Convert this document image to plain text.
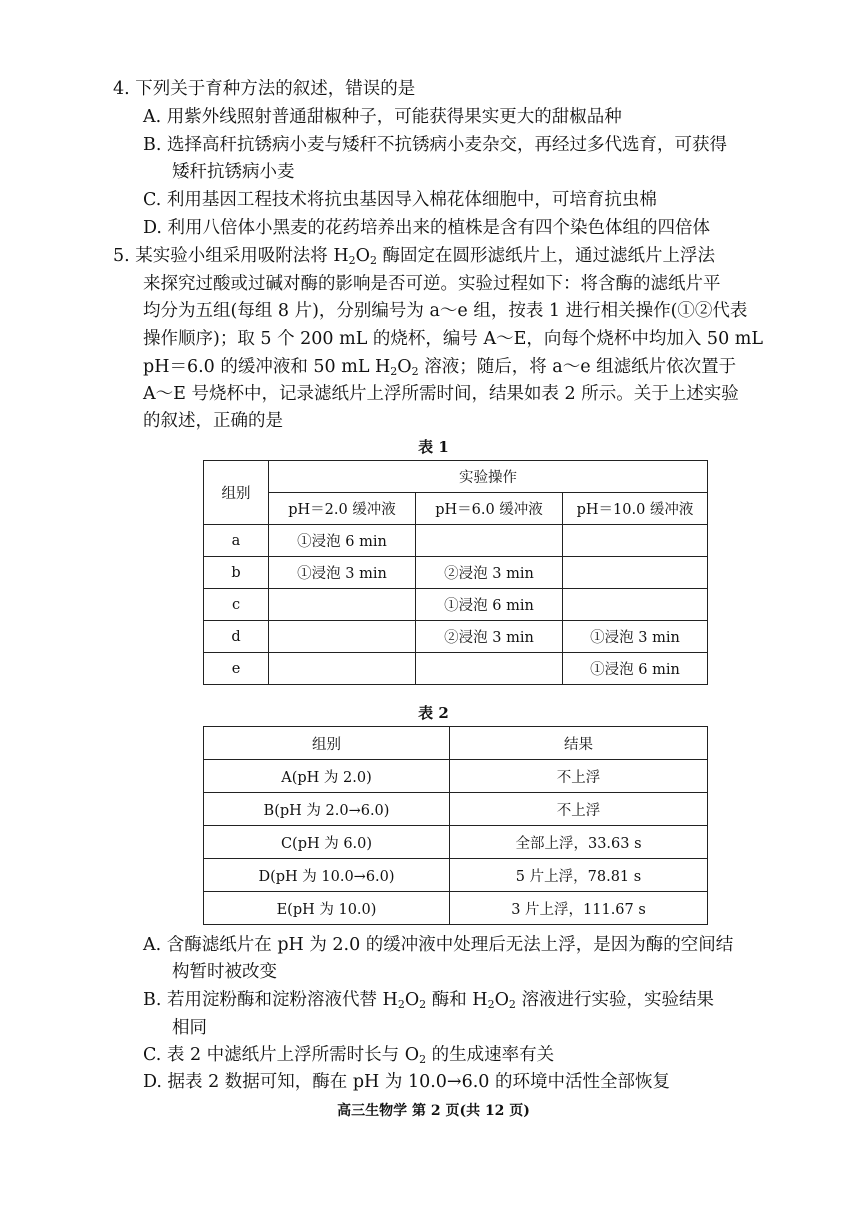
4. 下列关于育种方法的叙述，错误的是
A. 用紫外线照射普通甜椒种子，可能获得果实更大的甜椒品种
B. 选择高秆抗锈病小麦与矮秆不抗锈病小麦杂交，再经过多代选育，可获得
矮秆抗锈病小麦
C. 利用基因工程技术将抗虫基因导入棉花体细胞中，可培育抗虫棉
D. 利用八倍体小黑麦的花药培养出来的植株是含有四个染色体组的四倍体
5. 某实验小组采用吸附法将 $H_2O_2$ 酶固定在圆形滤纸片上，通过滤纸片上浮法
来探究过酸或过碱对酶的影响是否可逆。实验过程如下：将含酶的滤纸片平
均分为五组(每组 8 片)，分别编号为 a～e 组，按表 1 进行相关操作(①②代表
操作顺序)；取 5 个 200 mL 的烧杯，编号 A～E，向每个烧杯中均加入 50 mL
pH＝6.0 的缓冲液和 50 mL $H_2O_2$ 溶液；随后，将 a～e 组滤纸片依次置于
A～E 号烧杯中，记录滤纸片上浮所需时间，结果如表 2 所示。关于上述实验
的叙述，正确的是
表 1
组别	实验操作		
	pH＝2.0 缓冲液	pH＝6.0 缓冲液	pH＝10.0 缓冲液
a	①浸泡 6 min		
b	①浸泡 3 min	②浸泡 3 min	
c		①浸泡 6 min	
d		②浸泡 3 min	①浸泡 3 min
e			①浸泡 6 min
表 2
组别	结果
A(pH 为 2.0)	不上浮
B(pH 为 2.0→6.0)	不上浮
C(pH 为 6.0)	全部上浮，33.63 s
D(pH 为 10.0→6.0)	5 片上浮，78.81 s
E(pH 为 10.0)	3 片上浮，111.67 s
A. 含酶滤纸片在 pH 为 2.0 的缓冲液中处理后无法上浮，是因为酶的空间结
构暂时被改变
B. 若用淀粉酶和淀粉溶液代替 $H_2O_2$ 酶和 $H_2O_2$ 溶液进行实验，实验结果
相同
C. 表 2 中滤纸片上浮所需时长与 $O_2$ 的生成速率有关
D. 据表 2 数据可知，酶在 pH 为 10.0→6.0 的环境中活性全部恢复
高三生物学 第 2 页(共 12 页)
